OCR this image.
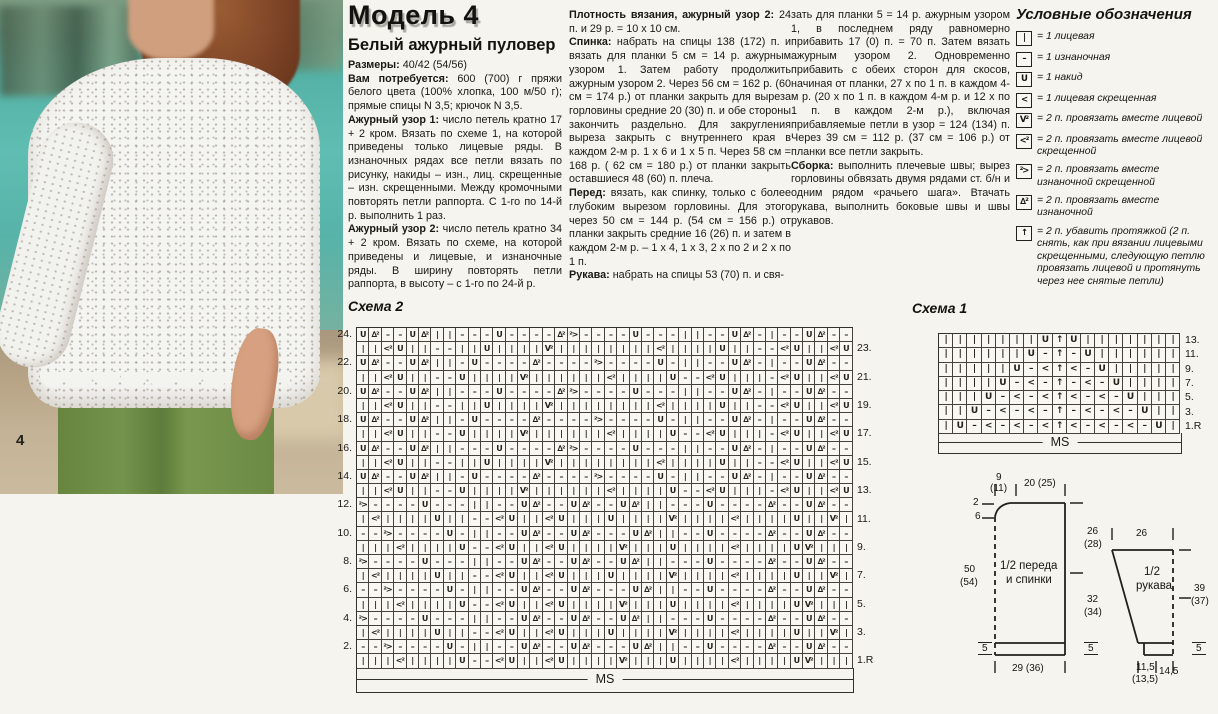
4
Модель 4
Белый ажурный пуловер

Размеры: 40/42 (54/56)

Вам потребуется: 600 (700) г пряжи белого цвета (100% хлопка, 100 м/50 г); прямые спицы N 3,5; крючок N 3,5.

Ажурный узор 1: число петель кратно 17 + 2 кром. Вязать по схеме 1, на которой приведены только лицевые ряды. В изнаночных рядах все петли вязать по рисунку, накиды – изн., лиц. скрещенные – изн. скрещенными. Между кромочными повторять петли раппорта. С 1-го по 14-й р. выполнить 1 раз.

Ажурный узор 2: число петель кратно 34 + 2 кром. Вязать по схеме, на которой приведены и лицевые, и изнаночные ряды. В ширину повторять петли раппорта, в высоту – с 1-го по 24-й р.

Плотность вязания, ажурный узор 2: 24 п. и 29 р. = 10 х 10 см.

Спинка: набрать на спицы 138 (172) п. и вязать для планки 5 см = 14 р. ажурным узором 1. Затем работу продолжить ажурным узором 2. Через 56 см = 162 р. (60 см = 174 р.) от планки закрыть для выреза горловины средние 20 (30) п. и обе стороны закончить раздельно. Для закругления выреза закрыть с внутреннего края в каждом 2-м р. 1 х 6 и 1 х 5 п. Через 58 см = 168 р. ( 62 см = 180 р.) от планки закрыть оставшиеся 48 (60) п. плеча.

Перед: вязать, как спинку, только с более глубоким вырезом горловины. Для этого через 50 см = 144 р. (54 см = 156 р.) от планки закрыть средние 16 (26) п. и затем в каждом 2-м р. – 1 х 4, 1 х 3, 2 х по 2 и 2 х по 1 п.

Рукава: набрать на спицы 53 (70) п. и свя-

зать для планки 5 = 14 р. ажурным узором 1, в последнем ряду равномерно прибавить 17 (0) п. = 70 п. Затем вязать ажурным узором 2. Одновременно прибавить с обеих сторон для скосов, начиная от планки, 27 х по 1 п. в каждом 4-м р. (20 х по 1 п. в каждом 4-м р. и 12 х по 1 п. в каждом 2-м р.), включая прибавляемые петли в узор = 124 (134) п. Через 39 см = 112 р. (37 см = 106 р.) от планки все петли закрыть.

Сборка: выполнить плечевые швы; вырез горловины обвязать двумя рядами ст. б/н и одним рядом «рачьего шага». Втачать рукава, выполнить боковые швы и швы рукавов.

Условные обозначения
|	= 1 лицевая
–	= 1 изнаночная
U = 1 накид
< = 1 лицевая скрещенная
V² = 2 п. провязать вместе лицевой
<² = 2 п. провязать вместе лицевой скрещенной
²> = 2 п. провязать вместе изнаночной скрещенной
∆² = 2 п. провязать вместе изнаночной
↑ = 2 п. убавить протяжкой (2 п. снять, как при вязании лицевыми скрещенными, следующую петлю провязать лицевой и протянуть через нее снятые петли)
Схема 2
24.
22.
20.
18.
16.
14.
12.
10.
8.
6.
4.
2.
U ∆² –	–	U ∆² |	|	–	–	–	U	–	–	–	– ∆² ²> –	–	–	–	U	–	–	–	|	|	–	–	U ∆² –	|	–	–	U ∆² –	–
|	| <² U	|	|	–	–	|	|	U	|	|	|	| V² |	|	|	|	|	|	|	| <² |	|	|	|	U	|	|	–	– <² U	|	| <² U
U ∆² –	–	U ∆² |	|	–	U	–	–	–	– ∆² –	–	–	– ²> –	–	–	–	U	–	|	|	–	–	U ∆² –	|	–	–	U ∆² –	–
|	| <² U	|	|	–	–	U	|	|	|	| V² |	|	|	|	|	| <² |	|	|	|	U	–	– <² U	|	|	|	– <² U	|	| <² U
U ∆² –	–	U ∆² |	|	–	–	–	U	–	–	–	– ∆² ²> –	–	–	–	U	–	–	–	|	|	–	–	U ∆² –	|	–	–	U ∆² –	–
|	| <² U	|	|	–	–	|	|	U	|	|	|	| V² |	|	|	|	|	|	|	| <² |	|	|	|	U	|	|	–	– <² U	|	| <² U
U ∆² –	–	U ∆² |	|	–	U	–	–	–	– ∆² –	–	–	– ²> –	–	–	–	U	–	|	|	–	–	U ∆² –	|	–	–	U ∆² –	–
|	| <² U	|	|	–	–	U	|	|	|	| V² |	|	|	|	|	| <² |	|	|	|	U	–	– <² U	|	|	|	– <² U	|	| <² U
U ∆² –	–	U ∆² |	|	–	–	–	U	–	–	–	– ∆² ²> –	–	–	–	U	–	–	–	|	|	–	–	U ∆² –	|	–	–	U ∆² –	–
|	| <² U	|	|	–	–	|	|	U	|	|	|	| V² |	|	|	|	|	|	|	| <² |	|	|	|	U	|	|	–	– <² U	|	| <² U
U ∆² –	–	U ∆² |	|	–	U	–	–	–	– ∆² –	–	–	– ²> –	–	–	–	U	–	|	|	–	–	U ∆² –	|	–	–	U ∆² –	–
|	| <² U	|	|	–	–	U	|	|	|	| V² |	|	|	|	|	| <² |	|	|	|	U	–	– <² U	|	|	|	– <² U	|	| <² U
²> –	–	–	–	U	–	–	–	|	|	–	–	U ∆² –	–	U ∆² –	–	U ∆² |	|	–	–	–	U	–	–	–	– ∆² –	–	U ∆² –	–
| <² |	|	|	|	U	|	|	–	– <² U	|	| <² U	|	|	|	U	|	|	|	| V² |	|	|	| <² |	|	|	|	U	|	| V² |
–	– ²> –	–	–	–	U	–	|	|	–	–	U ∆² –	–	U ∆² –	–	–	U ∆² |	|	–	–	U	–	–	–	– ∆² –	–	U ∆² –	–
|	|	| <² |	|	|	|	U	–	– <² U	|	| <² U	|	|	|	| V² |	|	|	U	|	|	|	| <² |	|	|	|	U V² |	|	|
²> –	–	–	–	U	–	–	–	|	|	–	–	U ∆² –	–	U ∆² –	–	U ∆² |	|	–	–	–	U	–	–	–	– ∆² –	–	U ∆² –	–
| <² |	|	|	|	U	|	|	–	– <² U	|	| <² U	|	|	|	U	|	|	|	| V² |	|	|	| <² |	|	|	|	U	|	| V² |
–	– ²> –	–	–	–	U	–	|	|	–	–	U ∆² –	–	U ∆² –	–	–	U ∆² |	|	–	–	U	–	–	–	– ∆² –	–	U ∆² –	–
|	|	| <² |	|	|	|	U	–	– <² U	|	| <² U	|	|	|	| V² |	|	|	U	|	|	|	| <² |	|	|	|	U V² |	|	|
²> –	–	–	–	U	–	–	–	|	|	–	–	U ∆² –	–	U ∆² –	–	U ∆² |	|	–	–	–	U	–	–	–	– ∆² –	–	U ∆² –	–
| <² |	|	|	|	U	|	|	–	– <² U	|	| <² U	|	|	|	U	|	|	|	| V² |	|	|	| <² |	|	|	|	U	|	| V² |
–	– ²> –	–	–	–	U	–	|	|	–	–	U ∆² –	–	U ∆² –	–	–	U ∆² |	|	–	–	U	–	–	–	– ∆² –	–	U ∆² –	–
|	|	| <² |	|	|	|	U	–	– <² U	|	| <² U	|	|	|	| V² |	|	|	U	|	|	|	| <² |	|	|	|	U V² |	|	|
23.
21.
19.
17.
15.
13.
11.
9.
7.
5.
3.
1.R
MS
Схема 1
|	|	|	|	|	|	|	U ↑ U	|	|	|	|	|	|	|
|	|	|	|	|	|	U	–	↑	–	U	|	|	|	|	|	|
|	|	|	|	|	U	–	< ↑ <	–	U	|	|	|	|	|
|	|	|	|	U	–	<	–	↑	–	<	–	U	|	|	|	|
|	|	|	U	–	<	–	< ↑ <	–	<	–	U	|	|	|
|	|	U	–	<	–	<	–	↑	–	<	–	<	–	U	|	|
|	U	–	<	–	<	–	< ↑ <	–	<	–	<	–	U	|
13.
11.
9.
7.
5.
3.
1.R
MS
9
(11) 20 (25)
2
6
50
(54)
1/2 переда
и спинки
26
(28)
32
(34)
5	5
29 (36)
26
1/2
рукава 39
(37)
5
11,5
(13,5)
14,5
